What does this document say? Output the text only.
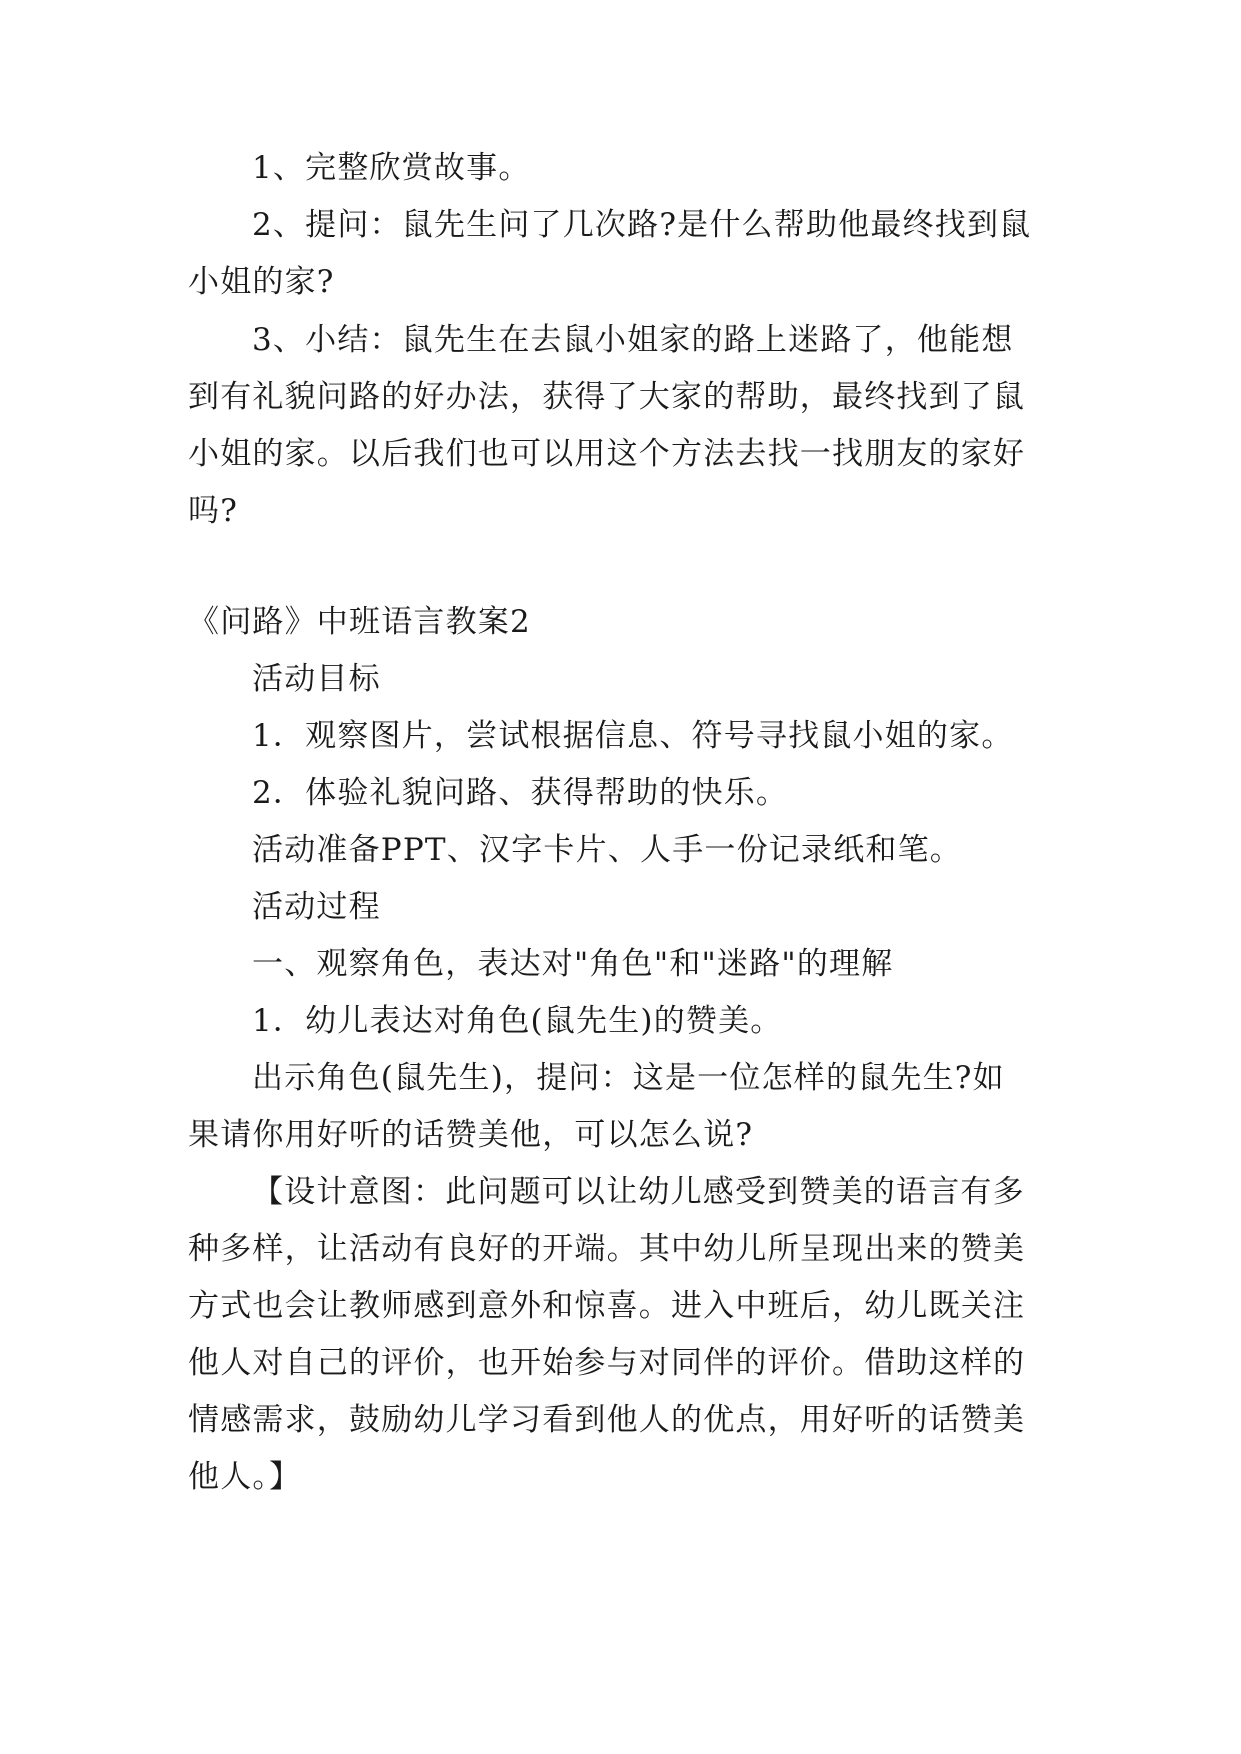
1、完整欣赏故事。
2、提问：鼠先生问了几次路?是什么帮助他最终找到鼠
小姐的家?
3、小结：鼠先生在去鼠小姐家的路上迷路了，他能想
到有礼貌问路的好办法，获得了大家的帮助，最终找到了鼠
小姐的家。以后我们也可以用这个方法去找一找朋友的家好
吗?
《问路》中班语言教案2
活动目标
1．观察图片，尝试根据信息、符号寻找鼠小姐的家。
2．体验礼貌问路、获得帮助的快乐。
活动准备PPT、汉字卡片、人手一份记录纸和笔。
活动过程
一、观察角色，表达对"角色"和"迷路"的理解
1．幼儿表达对角色(鼠先生)的赞美。
出示角色(鼠先生)，提问：这是一位怎样的鼠先生?如
果请你用好听的话赞美他，可以怎么说?
【设计意图：此问题可以让幼儿感受到赞美的语言有多
种多样，让活动有良好的开端。其中幼儿所呈现出来的赞美
方式也会让教师感到意外和惊喜。进入中班后，幼儿既关注
他人对自己的评价，也开始参与对同伴的评价。借助这样的
情感需求，鼓励幼儿学习看到他人的优点，用好听的话赞美
他人。】
